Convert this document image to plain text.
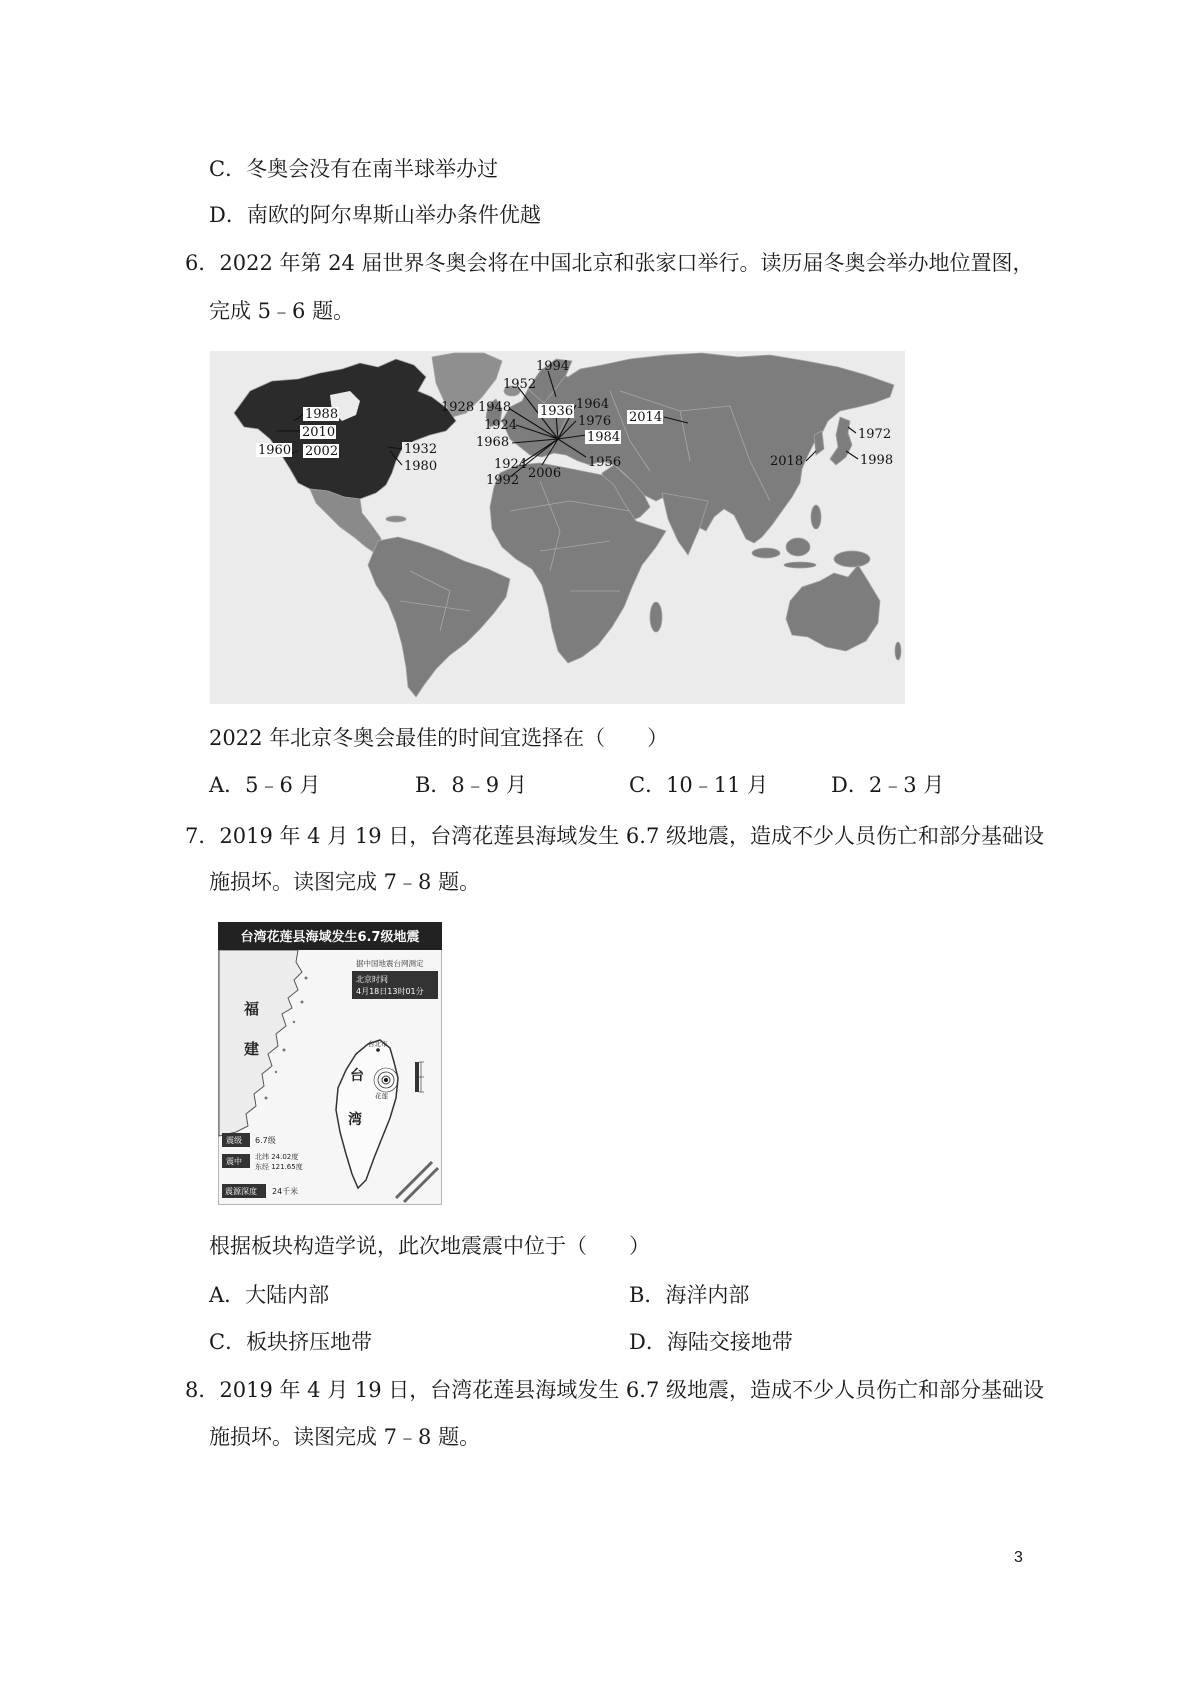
C．冬奥会没有在南半球举办过
D．南欧的阿尔卑斯山举办条件优越
6．2022 年第 24 届世界冬奥会将在中国北京和张家口举行。读历届冬奥会举办地位置图，
完成 5﹣6 题。
1994
1952
1928 1948 1936 1964
1924	1976 2014
1968	1984
1924
2006
1956
1992
1988
2010
1960 2002	1932
1980
1972
1998
2018
2022 年北京冬奥会最佳的时间宜选择在（　　）
A．5﹣6 月	B．8﹣9 月	C．10﹣11 月	D．2﹣3 月
7．2019 年 4 月 19 日，台湾花莲县海域发生 6.7 级地震，造成不少人员伤亡和部分基础设
施损坏。读图完成 7﹣8 题。
台湾花莲县海域发生6.7级地震
据中国地震台网测定
北京时间
4月18日13时01分
福
建	台北市
台
湾
花莲
震级 6.7级
震中 北纬 24.02度
东经 121.65度
震源深度 24千米
根据板块构造学说，此次地震震中位于（　　）
A．大陆内部	B．海洋内部
C．板块挤压地带	D．海陆交接地带
8．2019 年 4 月 19 日，台湾花莲县海域发生 6.7 级地震，造成不少人员伤亡和部分基础设
施损坏。读图完成 7﹣8 题。
3
